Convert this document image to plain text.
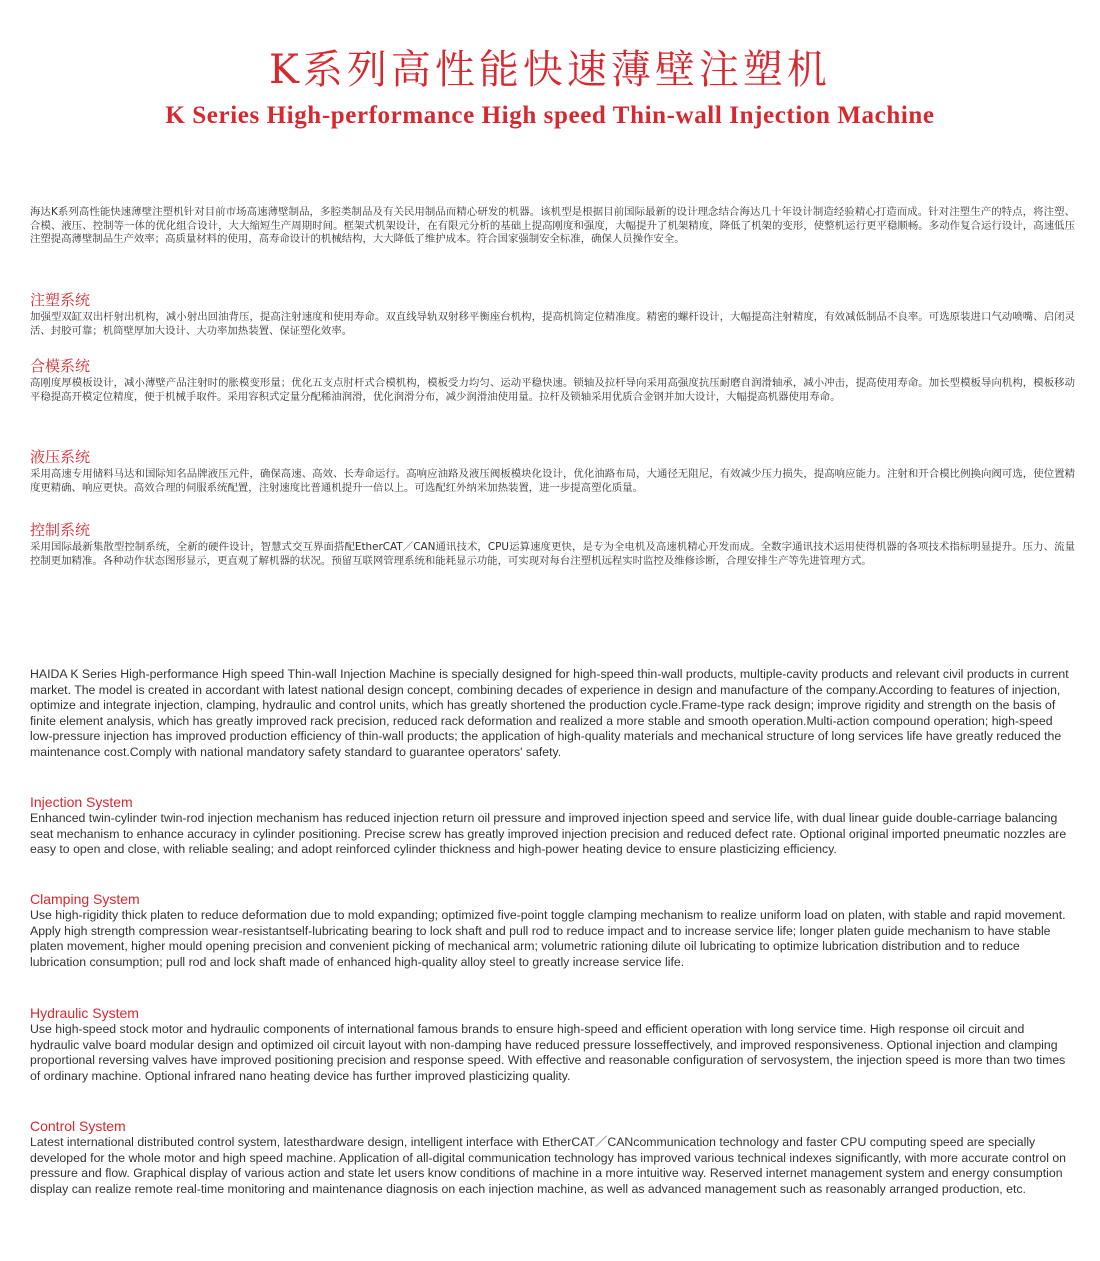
K系列高性能快速薄壁注塑机
K Series High-performance High speed Thin-wall Injection Machine

海达K系列高性能快速薄壁注塑机针对目前市场高速薄壁制品，多腔类制品及有关民用制品而精心研发的机器。该机型是根据目前国际最新的设计理念结合海达几十年设计制造经验精心打造而成。针对注塑生产的特点，将注塑、合模、液压、控制等一体的优化组合设计，大大缩短生产周期时间。框架式机架设计，在有限元分析的基础上提高刚度和强度，大幅提升了机架精度，降低了机架的变形，使整机运行更平稳顺畅。多动作复合运行设计，高速低压注塑提高薄壁制品生产效率；高质量材料的使用，高寿命设计的机械结构，大大降低了维护成本。符合国家强制安全标准，确保人员操作安全。

注塑系统

加强型双缸双出杆射出机构，减小射出回油背压，提高注射速度和使用寿命。双直线导轨双射移平衡座台机构，提高机筒定位精准度。精密的螺杆设计，大幅提高注射精度，有效减低制品不良率。可选原装进口气动喷嘴、启闭灵活、封胶可靠；机筒壁厚加大设计、大功率加热装置、保证塑化效率。

合模系统

高刚度厚模板设计，减小薄壁产品注射时的胀模变形量；优化五支点肘杆式合模机构，模板受力均匀、运动平稳快速。锁轴及拉杆导向采用高强度抗压耐磨自润滑轴承，减小冲击，提高使用寿命。加长型模板导向机构，模板移动平稳提高开模定位精度，便于机械手取件。采用容积式定量分配稀油润滑，优化润滑分布，减少润滑油使用量。拉杆及锁轴采用优质合金钢并加大设计，大幅提高机器使用寿命。

液压系统

采用高速专用储料马达和国际知名品牌液压元件，确保高速、高效、长寿命运行。高响应油路及液压阀板模块化设计，优化油路布局，大通径无阻尼，有效减少压力损失，提高响应能力。注射和开合模比例换向阀可选，使位置精度更精确、响应更快。高效合理的伺服系统配置，注射速度比普通机提升一倍以上。可选配红外纳米加热装置，进一步提高塑化质量。

控制系统

采用国际最新集散型控制系统，全新的硬件设计，智慧式交互界面搭配EtherCAT／CAN通讯技术，CPU运算速度更快，是专为全电机及高速机精心开发而成。全数字通讯技术运用使得机器的各项技术指标明显提升。压力、流量控制更加精准。各种动作状态图形显示，更直观了解机器的状况。预留互联网管理系统和能耗显示功能，可实现对每台注塑机远程实时监控及维修诊断，合理安排生产等先进管理方式。

HAIDA K Series High-performance High speed Thin-wall Injection Machine is specially designed for high-speed thin-wall products, multiple-cavity products and relevant civil products in current market. The model is created in accordant with latest national design concept, combining decades of experience in design and manufacture of the company.According to features of injection, optimize and integrate injection, clamping, hydraulic and control units, which has greatly shortened the production cycle.Frame-type rack design; improve rigidity and strength on the basis of finite element analysis, which has greatly improved rack precision, reduced rack deformation and realized a more stable and smooth operation.Multi-action compound operation; high-speed low-pressure injection has improved production efficiency of thin-wall products; the application of high-quality materials and mechanical structure of long services life have greatly reduced the maintenance cost.Comply with national mandatory safety standard to guarantee operators' safety.

Injection System

Enhanced twin-cylinder twin-rod injection mechanism has reduced injection return oil pressure and improved injection speed and service life, with dual linear guide double-carriage balancing seat mechanism to enhance accuracy in cylinder positioning. Precise screw has greatly improved injection precision and reduced defect rate. Optional original imported pneumatic nozzles are easy to open and close, with reliable sealing; and adopt reinforced cylinder thickness and high-power heating device to ensure plasticizing efficiency.

Clamping System

Use high-rigidity thick platen to reduce deformation due to mold expanding; optimized five-point toggle clamping mechanism to realize uniform load on platen, with stable and rapid movement. Apply high strength compression wear-resistantself-lubricating bearing to lock shaft and pull rod to reduce impact and to increase service life; longer platen guide mechanism to have stable platen movement, higher mould opening precision and convenient picking of mechanical arm; volumetric rationing dilute oil lubricating to optimize lubrication distribution and to reduce lubrication consumption; pull rod and lock shaft made of enhanced high-quality alloy steel to greatly increase service life.

Hydraulic System

Use high-speed stock motor and hydraulic components of international famous brands to ensure high-speed and efficient operation with long service time. High response oil circuit and hydraulic valve board modular design and optimized oil circuit layout with non-damping have reduced pressure losseffectively, and improved responsiveness. Optional injection and clamping proportional reversing valves have improved positioning precision and response speed. With effective and reasonable configuration of servosystem, the injection speed is more than two times of ordinary machine. Optional infrared nano heating device has further improved plasticizing quality.

Control System

Latest international distributed control system, latesthardware design, intelligent interface with EtherCAT／CANcommunication technology and faster CPU computing speed are specially developed for the whole motor and high speed machine. Application of all-digital communication technology has improved various technical indexes significantly, with more accurate control on pressure and flow. Graphical display of various action and state let users know conditions of machine in a more intuitive way. Reserved internet management system and energy consumption display can realize remote real-time monitoring and maintenance diagnosis on each injection machine, as well as advanced management such as reasonably arranged production, etc.
